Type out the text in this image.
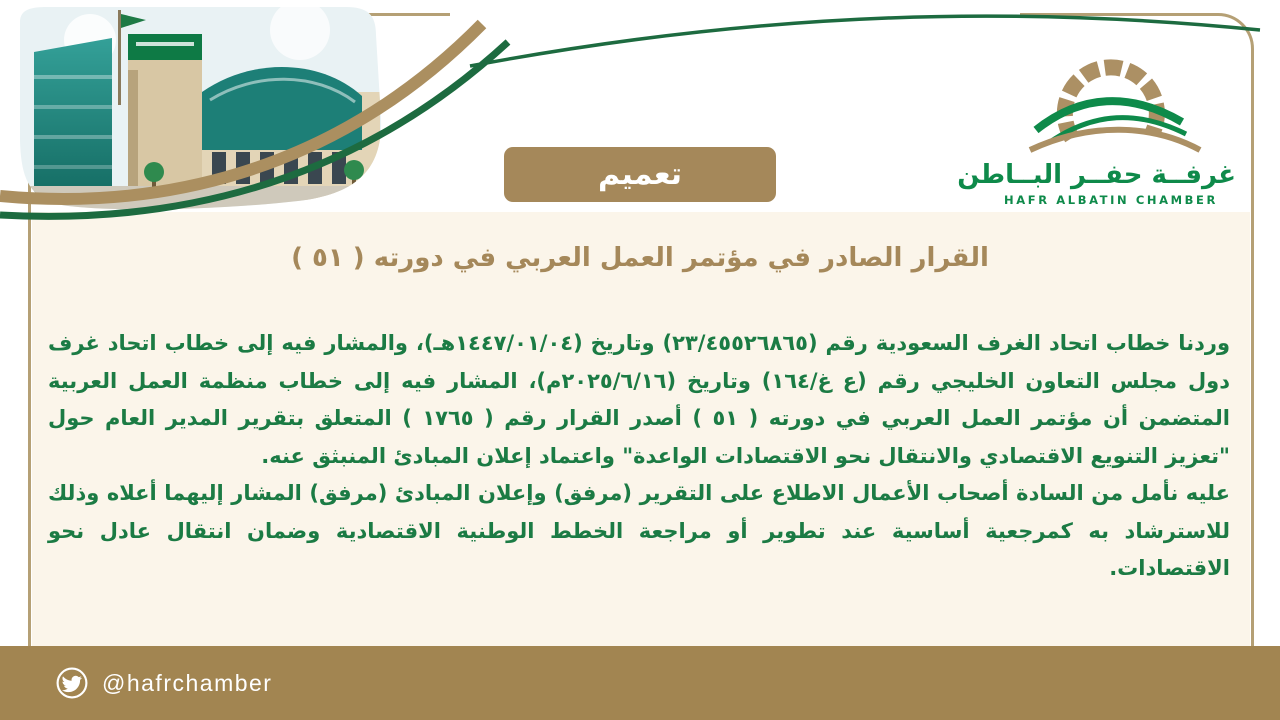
غرفــة حفــر البــاطن
HAFR ALBATIN CHAMBER
تعميم
القرار الصادر في مؤتمر العمل العربي في دورته ( ٥١ )

وردنا خطاب اتحاد الغرف السعودية رقم (٢٣/٤٥٥٢٦٨٦٥) وتاريخ (١٤٤٧/٠١/٠٤هـ)، والمشار فيه إلى خطاب اتحاد غرف دول مجلس التعاون الخليجي رقم (ع غ/١٦٤) وتاريخ (٢٠٢٥/٦/١٦م)، المشار فيه إلى خطاب منظمة العمل العربية المتضمن أن مؤتمر العمل العربي في دورته ( ٥١ ) أصدر القرار رقم ( ١٧٦٥ ) المتعلق بتقرير المدير العام حول "تعزيز التنويع الاقتصادي والانتقال نحو الاقتصادات الواعدة" واعتماد إعلان المبادئ المنبثق عنه.

عليه نأمل من السادة أصحاب الأعمال الاطلاع على التقرير (مرفق) وإعلان المبادئ (مرفق) المشار إليهما أعلاه وذلك للاسترشاد به كمرجعية أساسية عند تطوير أو مراجعة الخطط الوطنية الاقتصادية وضمان انتقال عادل نحو الاقتصادات.

@hafrchamber
